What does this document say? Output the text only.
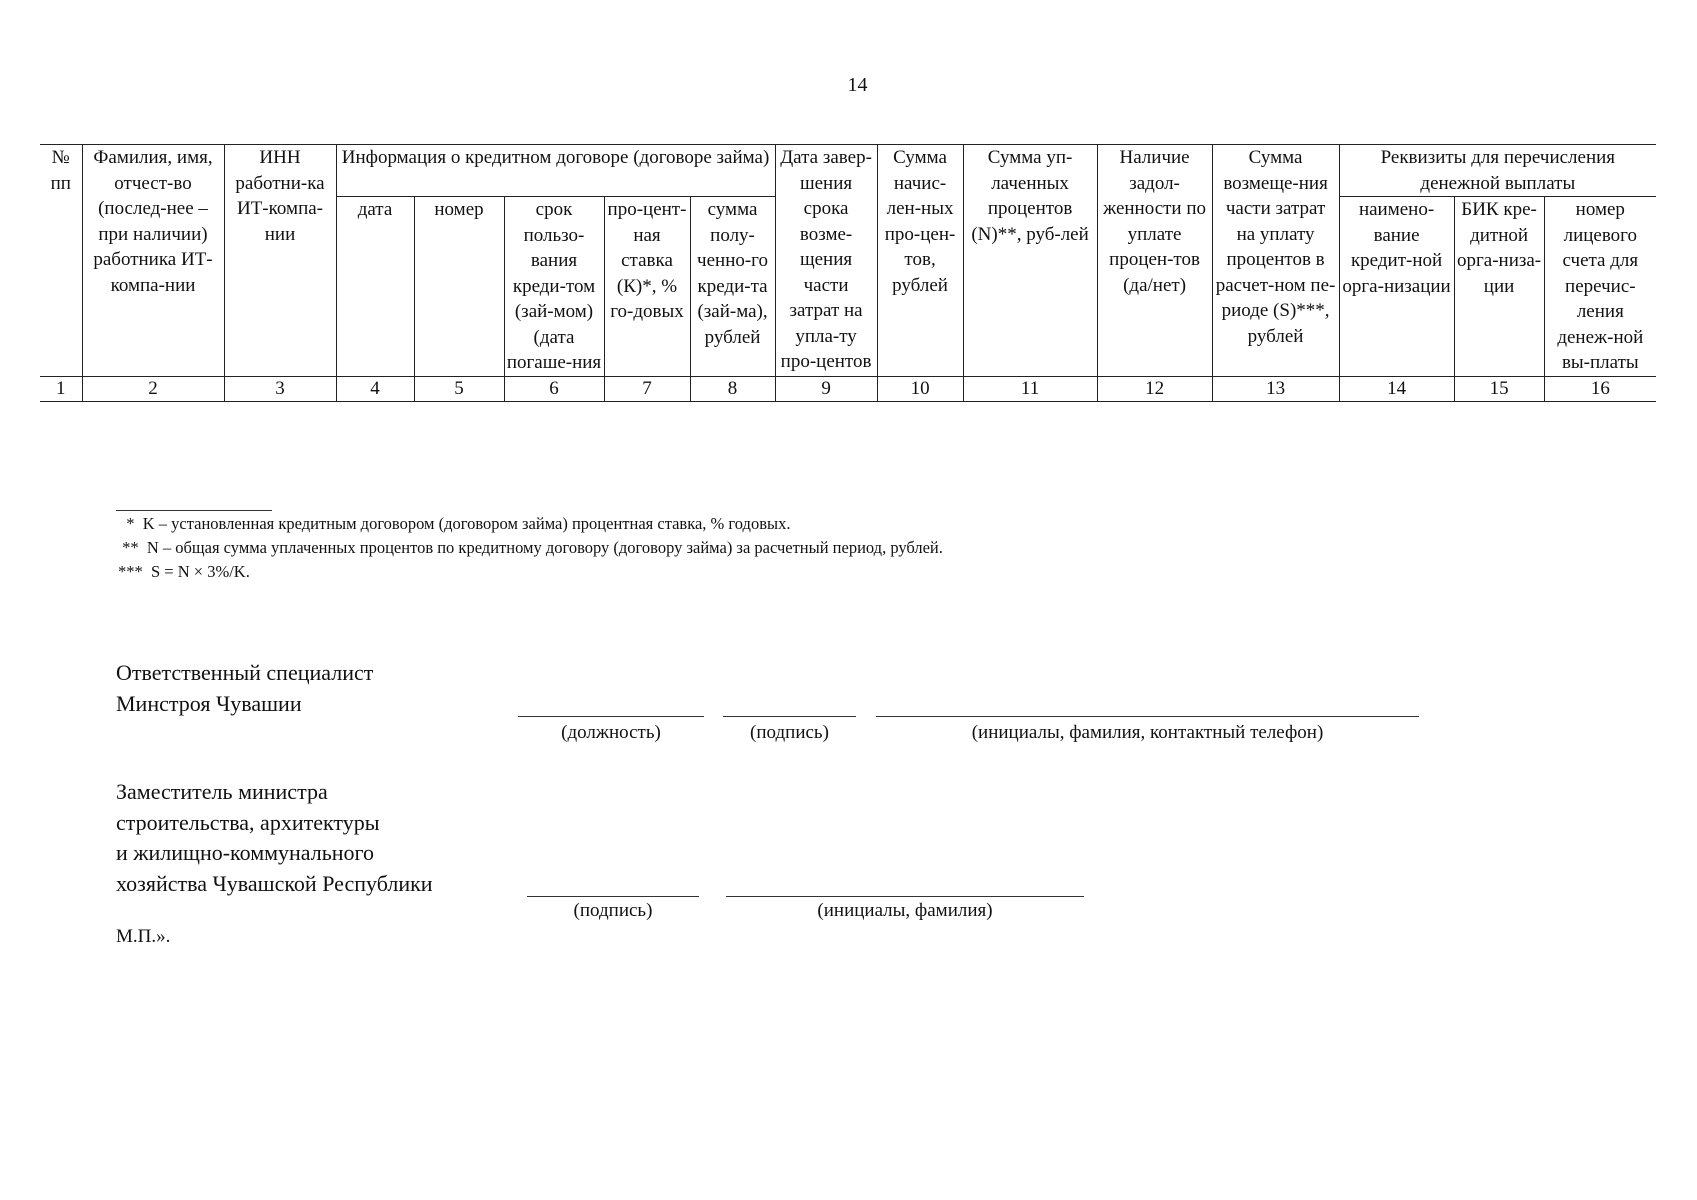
14
№ пп	Фамилия, имя, отчест-во (послед-нее – при наличии) работника ИТ-компа-нии	ИНН работни-ка ИТ-компа-нии	Информация о кредитном договоре (договоре займа)					Дата завер-шения срока возме-щения части затрат на упла-ту про-центов	Сумма начис-лен-ных про-цен-тов, рублей	Сумма уп-лаченных процентов (N)**, руб-лей	Наличие задол-женности по уплате процен-тов (да/нет)	Сумма возмеще-ния части затрат на уплату процентов в расчет-ном пе-риоде (S)***, рублей	Реквизиты для перечисления денежной выплаты		
			дата	номер	срок пользо-вания креди-том (зай-мом) (дата погаше-ния	про-цент-ная ставка (К)*, % го-довых	сумма полу-ченно-го креди-та (зай-ма), рублей						наимено-вание кредит-ной орга-низации	БИК кре-дитной орга-низа-ции	номер лицевого счета для перечис-ления денеж-ной вы-платы
1	2	3	4	5	6	7	8	9	10	11	12	13	14	15	16
*  K – установленная кредитным договором (договором займа) процентная ставка, % годовых.
**  N – общая сумма уплаченных процентов по кредитному договору (договору займа) за расчетный период, рублей.
***  S = N × 3%/K.
Ответственный специалист
Минстроя Чувашии
(должность)	(подпись)	(инициалы, фамилия, контактный телефон)
Заместитель министра
строительства, архитектуры
и жилищно-коммунального
хозяйства Чувашской Республики
(подпись)	(инициалы, фамилия)
М.П.».
